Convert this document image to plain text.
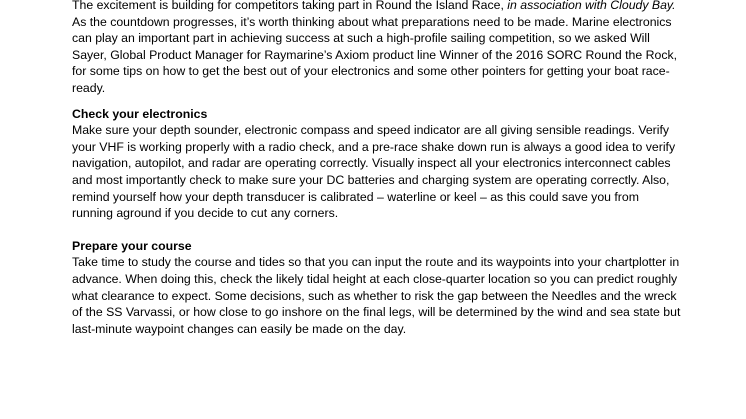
The excitement is building for competitors taking part in Round the Island Race, in association with Cloudy Bay. As the countdown progresses, it’s worth thinking about what preparations need to be made. Marine electronics can play an important part in achieving success at such a high-profile sailing competition, so we asked Will Sayer, Global Product Manager for Raymarine’s Axiom product line Winner of the 2016 SORC Round the Rock, for some tips on how to get the best out of your electronics and some other pointers for getting your boat race-ready.

Check your electronics

Make sure your depth sounder, electronic compass and speed indicator are all giving sensible readings. Verify your VHF is working properly with a radio check, and a pre-race shake down run is always a good idea to verify navigation, autopilot, and radar are operating correctly. Visually inspect all your electronics interconnect cables and most importantly check to make sure your DC batteries and charging system are operating correctly. Also, remind yourself how your depth transducer is calibrated – waterline or keel – as this could save you from running aground if you decide to cut any corners.

Prepare your course

Take time to study the course and tides so that you can input the route and its waypoints into your chartplotter in advance. When doing this, check the likely tidal height at each close-quarter location so you can predict roughly what clearance to expect. Some decisions, such as whether to risk the gap between the Needles and the wreck of the SS Varvassi, or how close to go inshore on the final legs, will be determined by the wind and sea state but last-minute waypoint changes can easily be made on the day.
